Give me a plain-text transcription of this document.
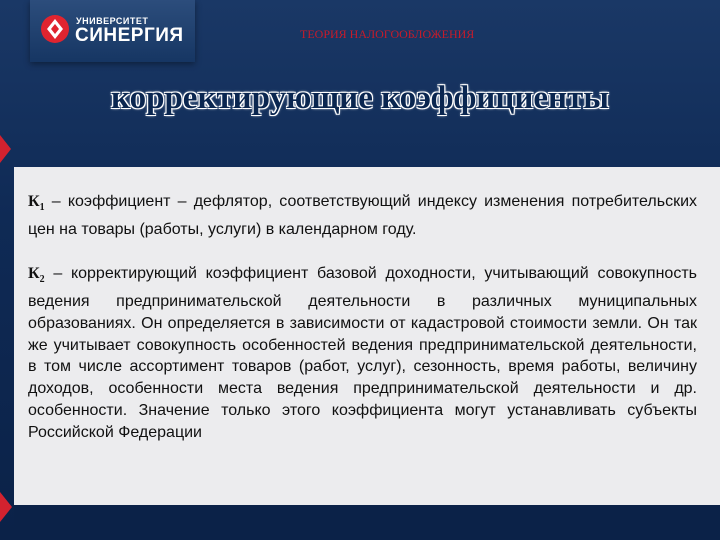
УНИВЕРСИТЕТ
СИНЕРГИЯ	ТЕОРИЯ НАЛОГООБЛОЖЕНИЯ
корректирующие коэффициенты
$К_1$ – коэффициент – дефлятор, соответствующий индексу изменения потребительских цен на товары (работы, услуги) в календарном году.
$К_2$ – корректирующий коэффициент базовой доходности, учитывающий совокупность ведения предпринимательской деятельности в различных муниципальных образованиях. Он определяется в зависимости от кадастровой стоимости земли. Он так же учитывает совокупность особенностей ведения предпринимательской деятельности, в том числе ассортимент товаров (работ, услуг), сезонность, время работы, величину доходов, особенности места ведения предпринимательской деятельности и др. особенности. Значение только этого коэффициента могут устанавливать субъекты Российской Федерации
